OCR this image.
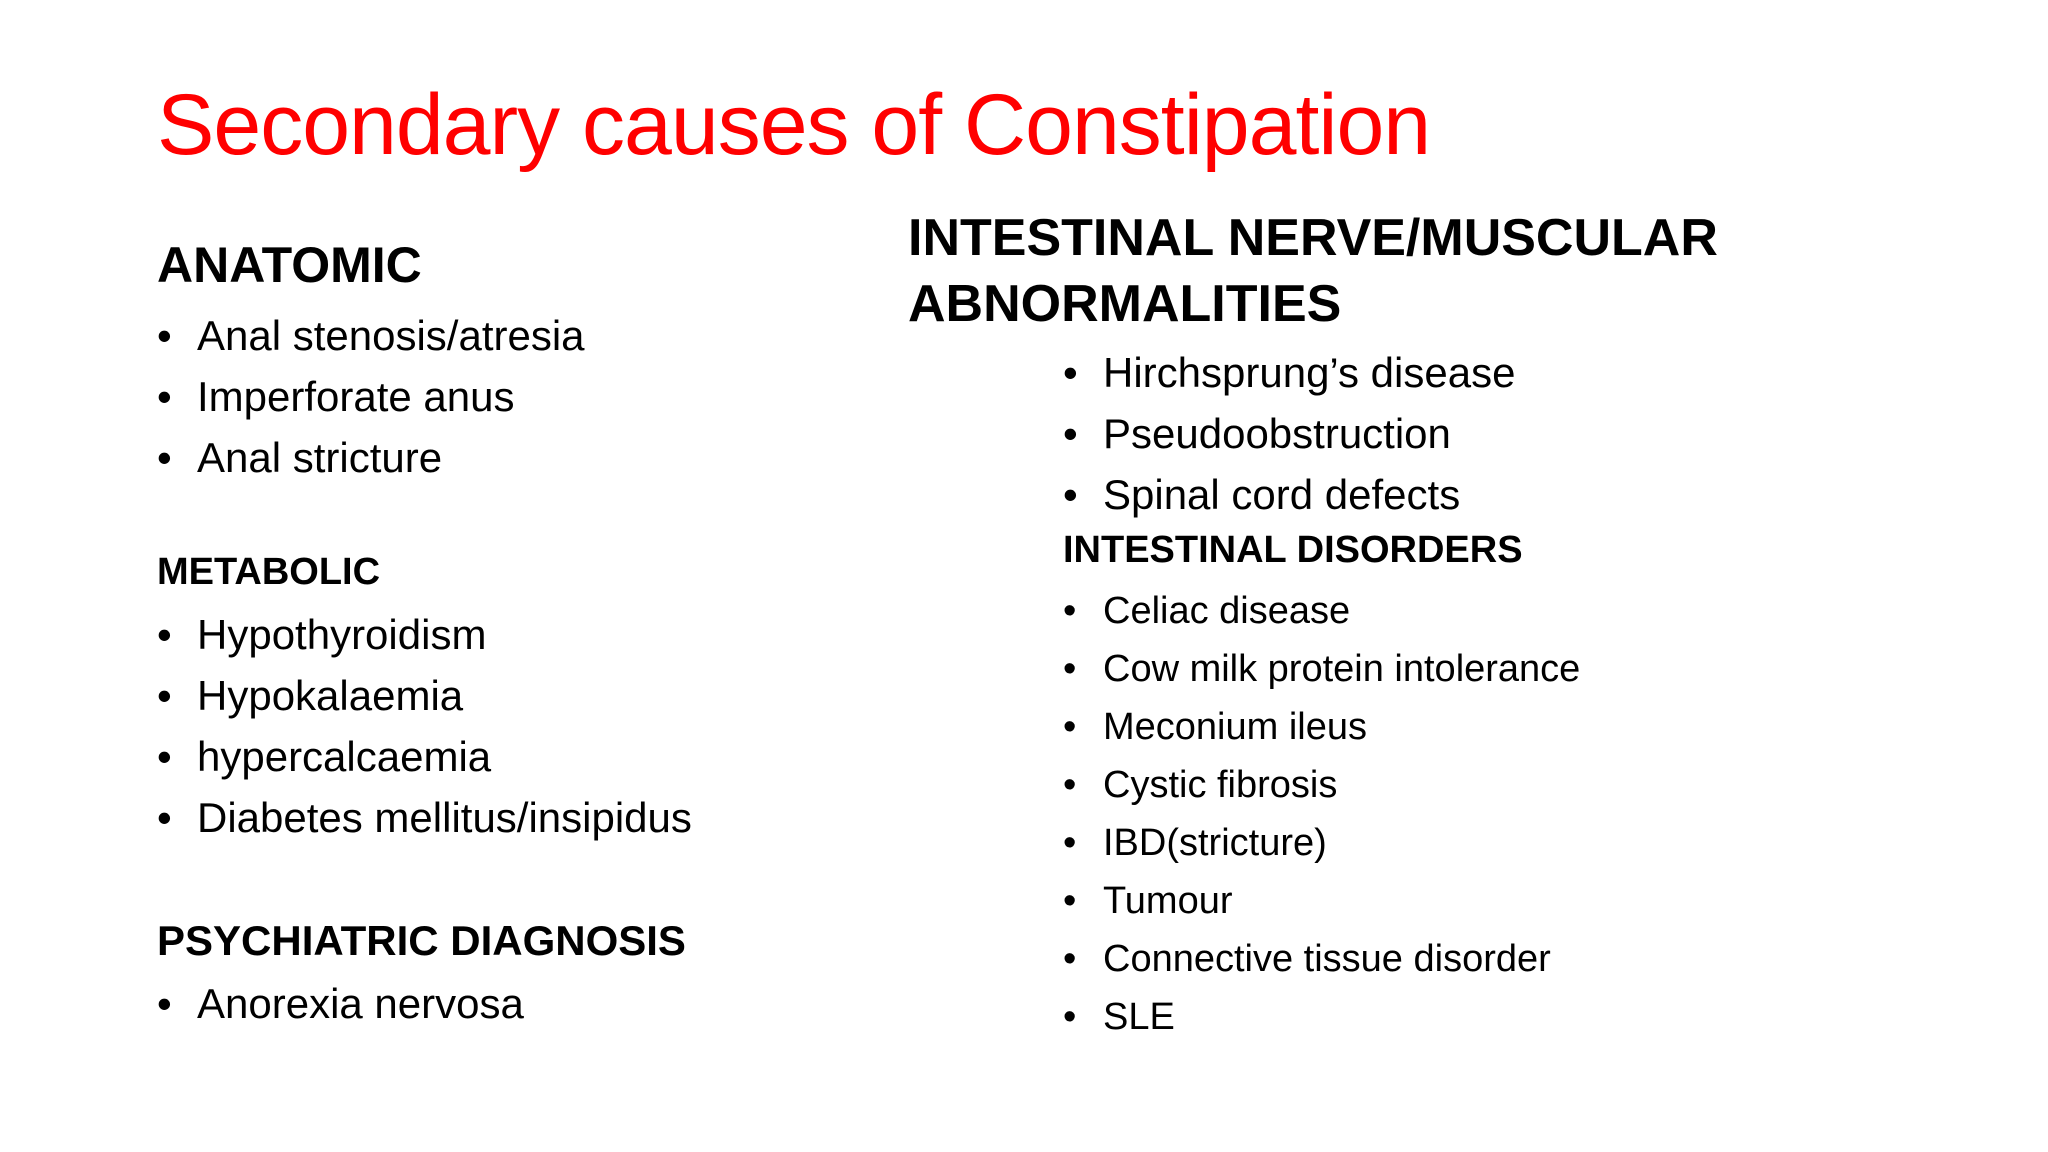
Secondary causes of Constipation
ANATOMIC
• Anal stenosis/atresia
• Imperforate anus
• Anal stricture
METABOLIC
• Hypothyroidism
• Hypokalaemia
• hypercalcaemia
• Diabetes mellitus/insipidus
PSYCHIATRIC DIAGNOSIS
• Anorexia nervosa
INTESTINAL NERVE/MUSCULAR
ABNORMALITIES
• Hirchsprung’s disease
• Pseudoobstruction
• Spinal cord defects
INTESTINAL DISORDERS
• Celiac disease
• Cow milk protein intolerance
• Meconium ileus
• Cystic fibrosis
• IBD(stricture)
• Tumour
• Connective tissue disorder
• SLE
